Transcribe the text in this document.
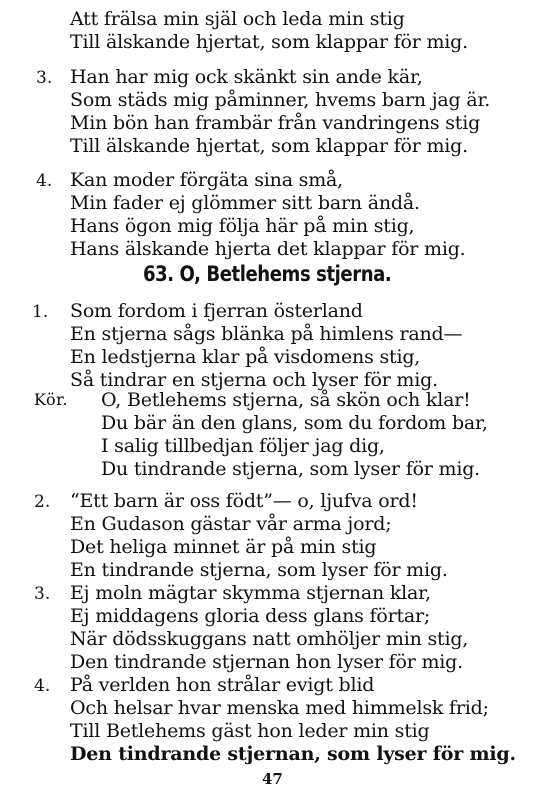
Att frälsa min själ och leda min stig
Till älskande hjertat, som klappar för mig.
3. Han har mig ock skänkt sin ande kär,
Som städs mig påminner, hvems barn jag är.
Min bön han frambär från vandringens stig
Till älskande hjertat, som klappar för mig.
4. Kan moder förgäta sina små,
Min fader ej glömmer sitt barn ändå.
Hans ögon mig följa här på min stig,
Hans älskande hjerta det klappar för mig.
63. O, Betlehems stjerna.
1. Som fordom i fjerran österland
En stjerna sågs blänka på himlens rand—
En ledstjerna klar på visdomens stig,
Så tindrar en stjerna och lyser för mig.
Kör. O, Betlehems stjerna, så skön och klar!
Du bär än den glans, som du fordom bar,
I salig tillbedjan följer jag dig,
Du tindrande stjerna, som lyser för mig.
2. “Ett barn är oss födt”— o, ljufva ord!
En Gudason gästar vår arma jord;
Det heliga minnet är på min stig
En tindrande stjerna, som lyser för mig.
3. Ej moln mägtar skymma stjernan klar,
Ej middagens gloria dess glans förtar;
När dödsskuggans natt omhöljer min stig,
Den tindrande stjernan hon lyser för mig.
4. På verlden hon strålar evigt blid
Och helsar hvar menska med himmelsk frid;
Till Betlehems gäst hon leder min stig
Den tindrande stjernan, som lyser för mig.
47
